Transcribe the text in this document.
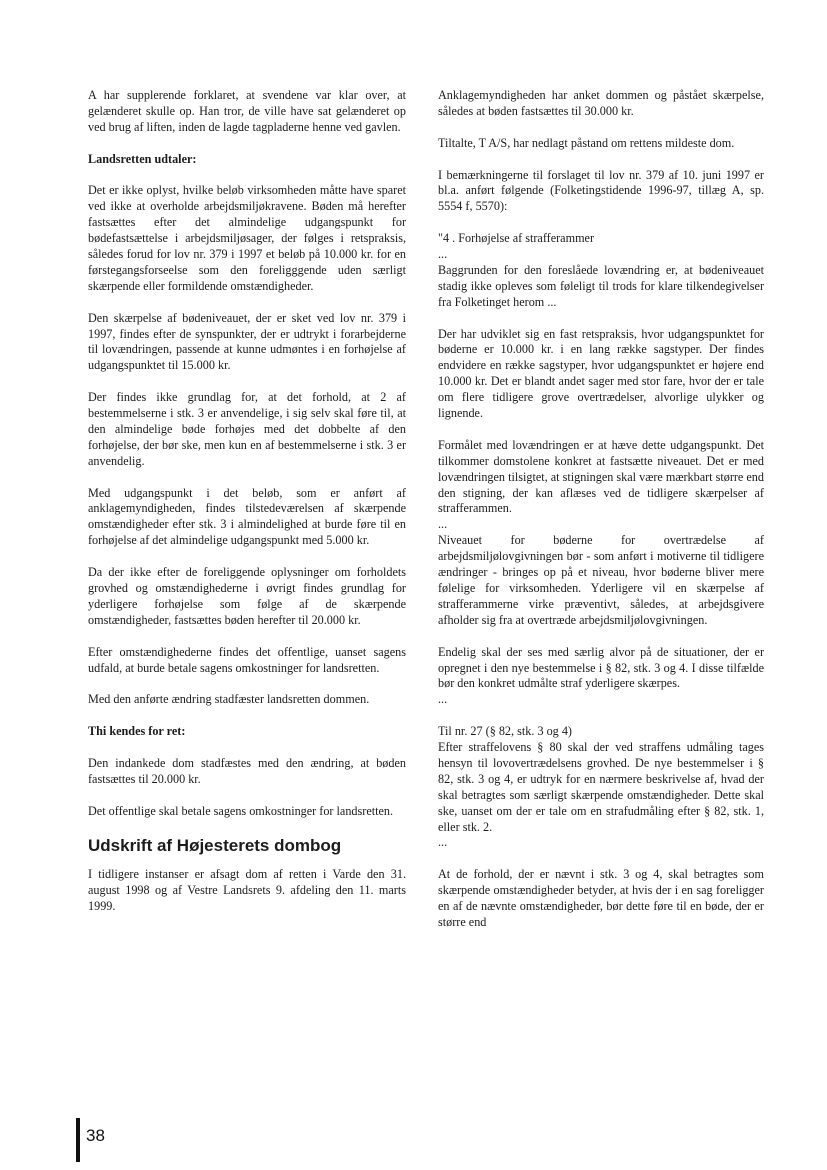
A har supplerende forklaret, at svendene var klar over, at gelænderet skulle op. Han tror, de ville have sat gelænderet op ved brug af liften, inden de lagde tagpladerne henne ved gavlen.

Landsretten udtaler:

Det er ikke oplyst, hvilke beløb virksomheden måtte have sparet ved ikke at overholde arbejdsmiljøkravene. Bøden må herefter fastsættes efter det almindelige udgangspunkt for bødefastsættelse i arbejdsmiljøsager, der følges i retspraksis, således forud for lov nr. 379 i 1997 et beløb på 10.000 kr. for en førstegangsforseelse som den foreligggende uden særligt skærpende eller formildende omstændigheder.

Den skærpelse af bødeniveauet, der er sket ved lov nr. 379 i 1997, findes efter de synspunkter, der er udtrykt i forarbejderne til lovændringen, passende at kunne udmøntes i en forhøjelse af udgangspunktet til 15.000 kr.

Der findes ikke grundlag for, at det forhold, at 2 af bestemmelserne i stk. 3 er anvendelige, i sig selv skal føre til, at den almindelige bøde forhøjes med det dobbelte af den forhøjelse, der bør ske, men kun en af bestemmelserne i stk. 3 er anvendelig.

Med udgangspunkt i det beløb, som er anført af anklagemyndigheden, findes tilstedeværelsen af skærpende omstændigheder efter stk. 3 i almindelighed at burde føre til en forhøjelse af det almindelige udgangspunkt med 5.000 kr.

Da der ikke efter de foreliggende oplysninger om forholdets grovhed og omstændighederne i øvrigt findes grundlag for yderligere forhøjelse som følge af de skærpende omstændigheder, fastsættes bøden herefter til 20.000 kr.

Efter omstændighederne findes det offentlige, uanset sagens udfald, at burde betale sagens omkostninger for landsretten.

Med den anførte ændring stadfæster landsretten dommen.

Thi kendes for ret:

Den indankede dom stadfæstes med den ændring, at bøden fastsættes til 20.000 kr.

Det offentlige skal betale sagens omkostninger for landsretten.

Udskrift af Højesterets dombog

I tidligere instanser er afsagt dom af retten i Varde den 31. august 1998 og af Vestre Landsrets 9. afdeling den 11. marts 1999.

Anklagemyndigheden har anket dommen og påstået skærpelse, således at bøden fastsættes til 30.000 kr.

Tiltalte, T A/S, har nedlagt påstand om rettens mildeste dom.

I bemærkningerne til forslaget til lov nr. 379 af 10. juni 1997 er bl.a. anført følgende (Folketingstidende 1996-97, tillæg A, sp. 5554 f, 5570):

"4 . Forhøjelse af strafferammer

...

Baggrunden for den foreslåede lovændring er, at bødeniveauet stadig ikke opleves som føleligt til trods for klare tilkendegivelser fra Folketinget herom ...

Der har udviklet sig en fast retspraksis, hvor udgangspunktet for bøderne er 10.000 kr. i en lang række sagstyper. Der findes endvidere en række sagstyper, hvor udgangspunktet er højere end 10.000 kr. Det er blandt andet sager med stor fare, hvor der er tale om flere tidligere grove overtrædelser, alvorlige ulykker og lignende.

Formålet med lovændringen er at hæve dette udgangspunkt. Det tilkommer domstolene konkret at fastsætte niveauet. Det er med lovændringen tilsigtet, at stigningen skal være mærkbart større end den stigning, der kan aflæses ved de tidligere skærpelser af strafferammen.

...

Niveauet for bøderne for overtrædelse af arbejdsmiljølovgivningen bør - som anført i motiverne til tidligere ændringer - bringes op på et niveau, hvor bøderne bliver mere følelige for virksomheden. Yderligere vil en skærpelse af strafferammerne virke præventivt, således, at arbejdsgivere afholder sig fra at overtræde arbejdsmiljølovgivningen.

Endelig skal der ses med særlig alvor på de situationer, der er opregnet i den nye bestemmelse i § 82, stk. 3 og 4. I disse tilfælde bør den konkret udmålte straf yderligere skærpes.

...

Til nr. 27 (§ 82, stk. 3 og 4)

Efter straffelovens § 80 skal der ved straffens udmåling tages hensyn til lovovertrædelsens grovhed. De nye bestemmelser i § 82, stk. 3 og 4, er udtryk for en nærmere beskrivelse af, hvad der skal betragtes som særligt skærpende omstændigheder. Dette skal ske, uanset om der er tale om en strafudmåling efter § 82, stk. 1, eller stk. 2.

...

At de forhold, der er nævnt i stk. 3 og 4, skal betragtes som skærpende omstændigheder betyder, at hvis der i en sag foreligger en af de nævnte omstændigheder, bør dette føre til en bøde, der er større end

38
